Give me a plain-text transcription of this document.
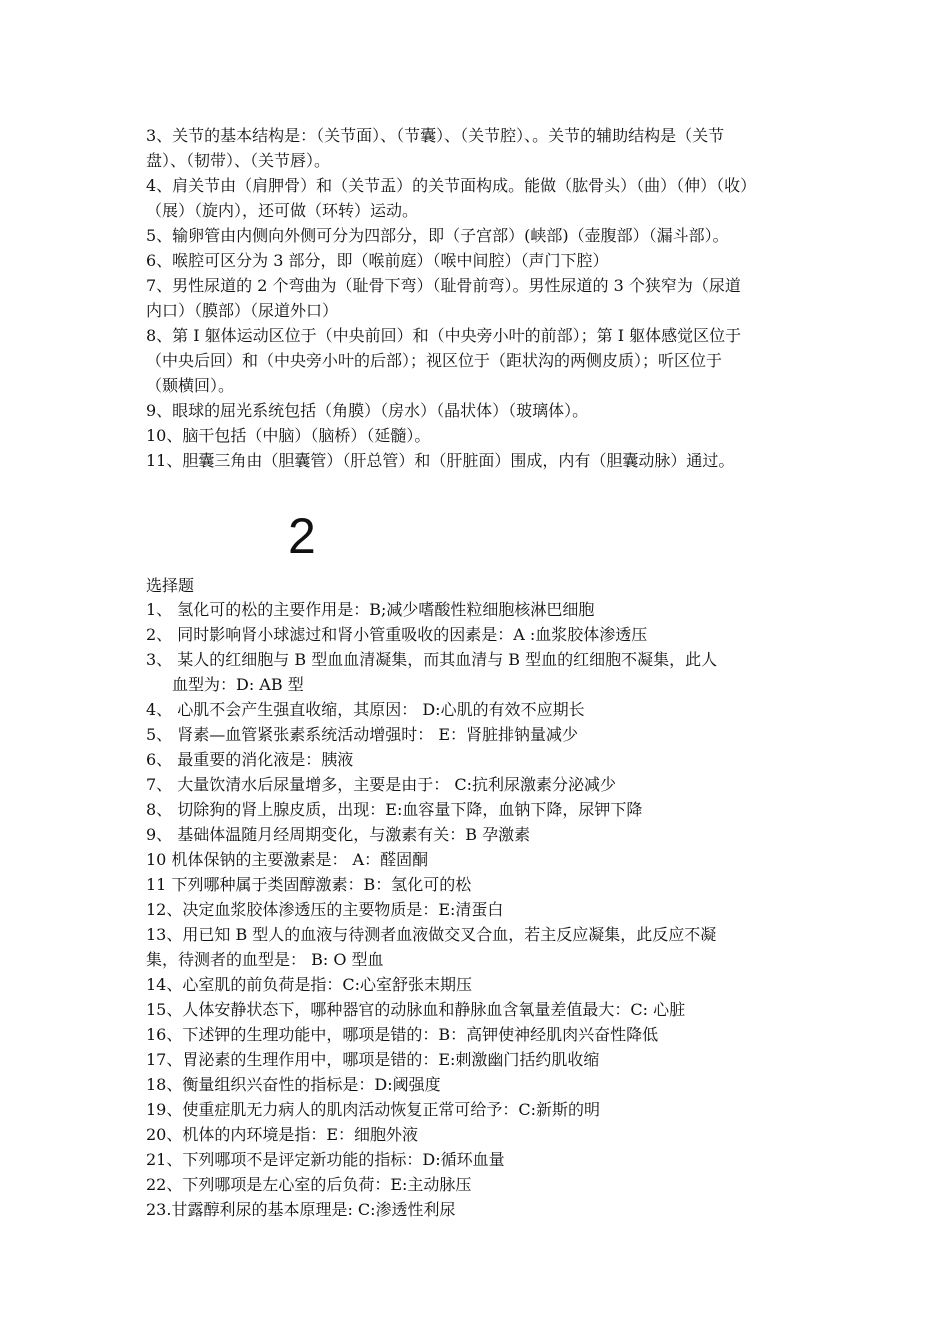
3、关节的基本结构是：（关节面）、（节囊）、（关节腔）、。关节的辅助结构是（关节
盘）、（韧带）、（关节唇）。
4、肩关节由（肩胛骨）和（关节盂）的关节面构成。能做（肱骨头）（曲）（伸）（收）
（展）（旋内），还可做（环转）运动。
5、输卵管由内侧向外侧可分为四部分，即（子宫部）(峡部)（壶腹部）（漏斗部）。
6、喉腔可区分为 3 部分，即（喉前庭）（喉中间腔）（声门下腔）
7、男性尿道的 2 个弯曲为（耻骨下弯）（耻骨前弯）。男性尿道的 3 个狭窄为（尿道
内口）（膜部）（尿道外口）
8、第 I 躯体运动区位于（中央前回）和（中央旁小叶的前部）；第 I 躯体感觉区位于
（中央后回）和（中央旁小叶的后部）；视区位于（距状沟的两侧皮质）；听区位于
（颞横回）。
9、眼球的屈光系统包括（角膜）（房水）（晶状体）（玻璃体）。
10、脑干包括（中脑）（脑桥）（延髓）。
11、胆囊三角由（胆囊管）（肝总管）和（肝脏面）围成，内有（胆囊动脉）通过。
2
选择题
1、 氢化可的松的主要作用是：B;减少嗜酸性粒细胞核淋巴细胞
2、 同时影响肾小球滤过和肾小管重吸收的因素是：A :血浆胶体渗透压
3、 某人的红细胞与 B 型血血清凝集，而其血清与 B 型血的红细胞不凝集，此人
血型为：D: AB 型
4、 心肌不会产生强直收缩，其原因： D:心肌的有效不应期长
5、 肾素—血管紧张素系统活动增强时： E：肾脏排钠量减少
6、 最重要的消化液是：胰液
7、 大量饮清水后尿量增多，主要是由于： C:抗利尿激素分泌减少
8、 切除狗的肾上腺皮质，出现：E:血容量下降，血钠下降，尿钾下降
9、 基础体温随月经周期变化，与激素有关：B 孕激素
10 机体保钠的主要激素是： A：醛固酮
11 下列哪种属于类固醇激素：B：氢化可的松
12、决定血浆胶体渗透压的主要物质是：E:清蛋白
13、用已知 B 型人的血液与待测者血液做交叉合血，若主反应凝集，此反应不凝
集，待测者的血型是： B: O 型血
14、心室肌的前负荷是指：C:心室舒张末期压
15、人体安静状态下，哪种器官的动脉血和静脉血含氧量差值最大：C: 心脏
16、下述钾的生理功能中，哪项是错的：B：高钾使神经肌肉兴奋性降低
17、胃泌素的生理作用中，哪项是错的：E:刺激幽门括约肌收缩
18、衡量组织兴奋性的指标是：D:阈强度
19、使重症肌无力病人的肌肉活动恢复正常可给予：C:新斯的明
20、机体的内环境是指：E：细胞外液
21、下列哪项不是评定新功能的指标：D:循环血量
22、下列哪项是左心室的后负荷：E:主动脉压
23.甘露醇利尿的基本原理是: C:渗透性利尿
